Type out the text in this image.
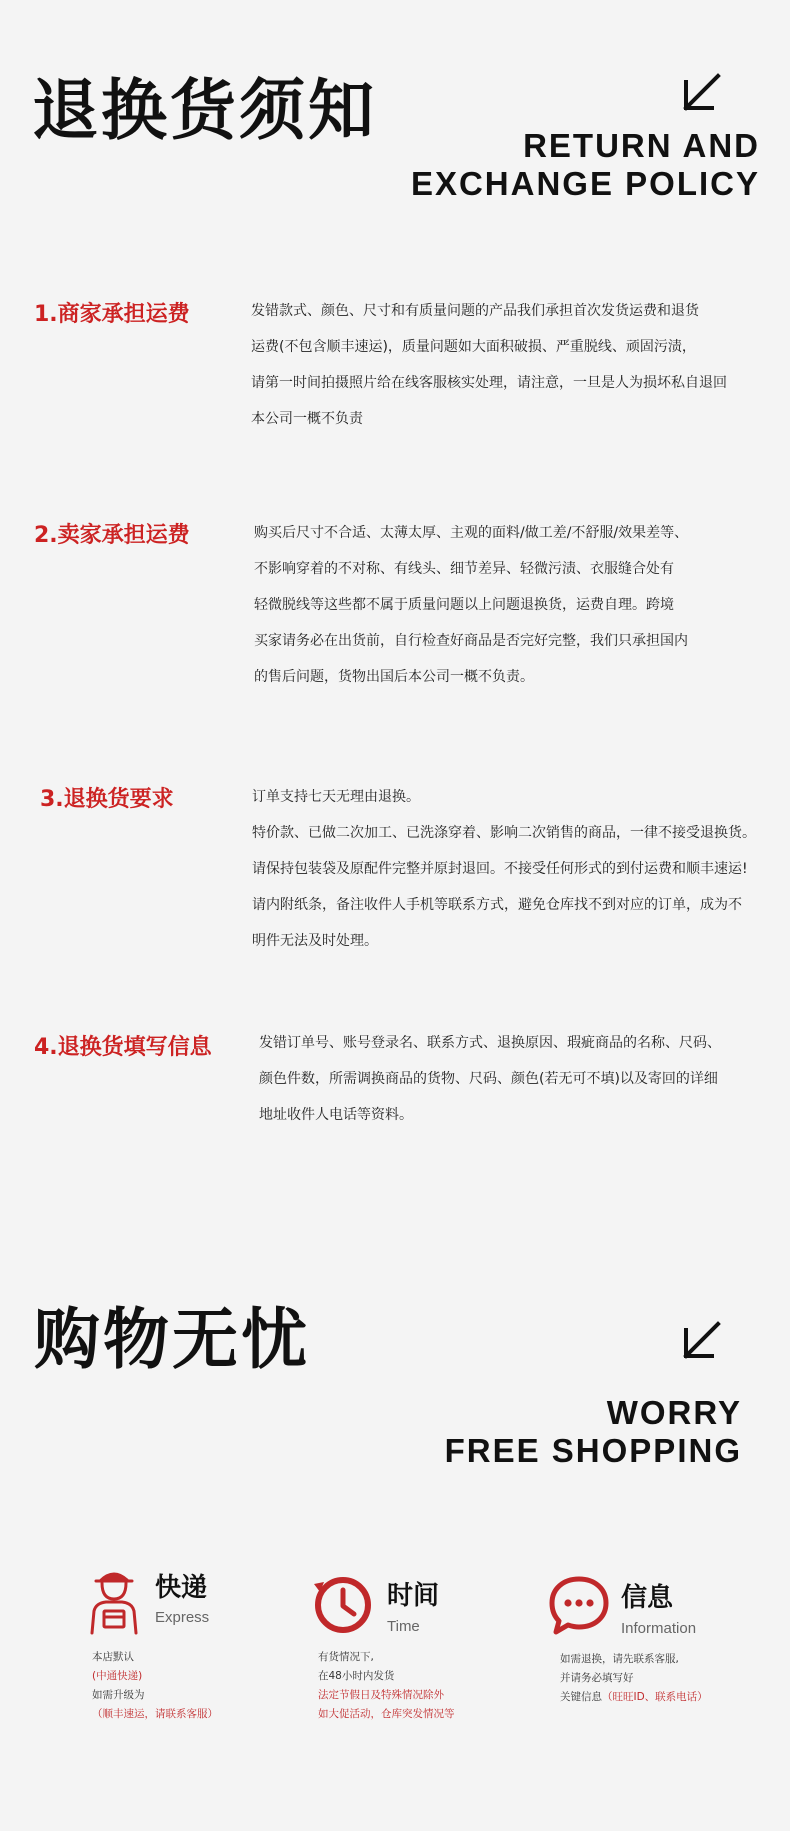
退换货须知	RETURN AND
EXCHANGE POLICY
1.商家承担运费	发错款式、颜色、尺寸和有质量问题的产品我们承担首次发货运费和退货
运费(不包含顺丰速运)，质量问题如大面积破损、严重脱线、顽固污渍，
请第一时间拍摄照片给在线客服核实处理，请注意，一旦是人为损坏私自退回
本公司一概不负责
2.卖家承担运费	购买后尺寸不合适、太薄太厚、主观的面料/做工差/不舒服/效果差等、
不影响穿着的不对称、有线头、细节差异、轻微污渍、衣服缝合处有
轻微脱线等这些都不属于质量问题以上问题退换货，运费自理。跨境
买家请务必在出货前，自行检查好商品是否完好完整，我们只承担国内
的售后问题，货物出国后本公司一概不负责。
3.退换货要求	订单支持七天无理由退换。
特价款、已做二次加工、已洗涤穿着、影响二次销售的商品，一律不接受退换货。
请保持包装袋及原配件完整并原封退回。不接受任何形式的到付运费和顺丰速运!
请内附纸条，备注收件人手机等联系方式，避免仓库找不到对应的订单，成为不
明件无法及时处理。
4.退换货填写信息	发错订单号、账号登录名、联系方式、退换原因、瑕疵商品的名称、尺码、
颜色件数，所需调换商品的货物、尺码、颜色(若无可不填)以及寄回的详细
地址收件人电话等资料。
购物无忧
WORRY
FREE SHOPPING
快递
Express
本店默认
(中通快递)
如需升级为
（顺丰速运，请联系客服）
时间
Time
有货情况下,
在48小时内发货
法定节假日及特殊情况除外
如大促活动，仓库突发情况等
信息
Information
如需退换，请先联系客服,
并请务必填写好
关键信息（旺旺ID、联系电话）
